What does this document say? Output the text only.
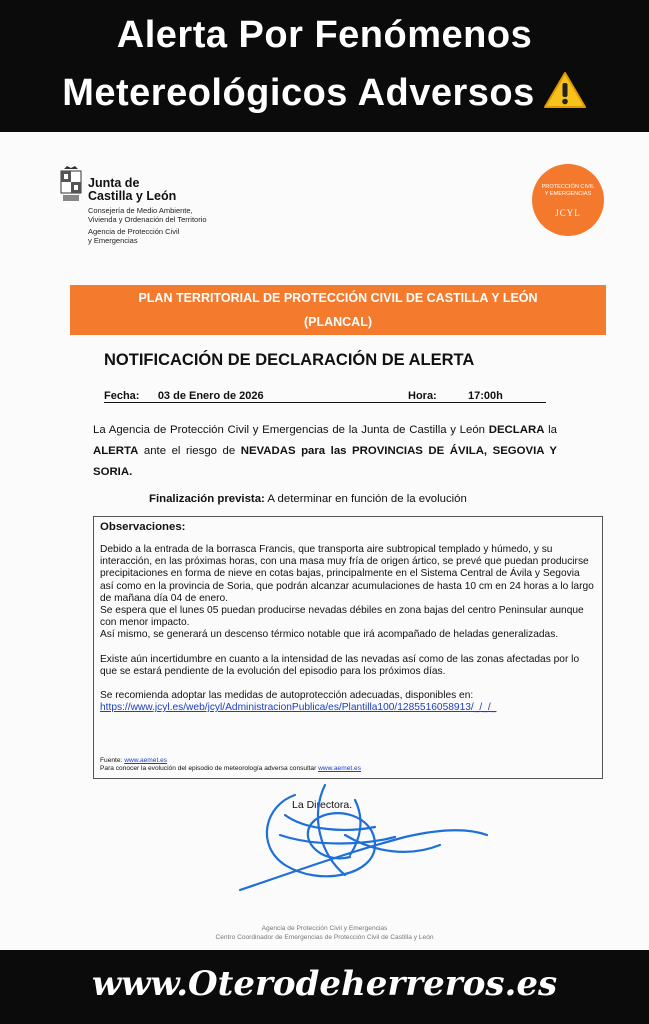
Alerta Por Fenómenos
Metereológicos Adversos
Junta de
Castilla y León
Consejería de Medio Ambiente,
Vivienda y Ordenación del Territorio
Agencia de Protección Civil
y Emergencias
PROTECCIÓN CIVIL
Y EMERGENCIAS
JCYL
PLAN TERRITORIAL DE PROTECCIÓN CIVIL DE CASTILLA Y LEÓN
(PLANCAL)
NOTIFICACIÓN DE DECLARACIÓN DE ALERTA
Fecha: 03 de Enero de 2026	Hora:	17:00h
La Agencia de Protección Civil y Emergencias de la Junta de Castilla y León DECLARA la ALERTA ante el riesgo de NEVADAS para las PROVINCIAS DE ÁVILA, SEGOVIA Y SORIA.
Finalización prevista: A determinar en función de la evolución
Observaciones:

Debido a la entrada de la borrasca Francis, que transporta aire subtropical templado y húmedo, y su interacción, en las próximas horas, con una masa muy fría de origen ártico, se prevé que puedan producirse precipitaciones en forma de nieve en cotas bajas, principalmente en el Sistema Central de Ávila y Segovia así como en la provincia de Soria, que podrán alcanzar acumulaciones de hasta 10 cm en 24 horas a lo largo de mañana día 04 de enero.

Se espera que el lunes 05 puedan producirse nevadas débiles en zona bajas del centro Peninsular aunque con menor impacto.

Así mismo, se generará un descenso térmico notable que irá acompañado de heladas generalizadas.

Existe aún incertidumbre en cuanto a la intensidad de las nevadas así como de las zonas afectadas por lo que se estará pendiente de la evolución del episodio para los próximos días.

Se recomienda adoptar las medidas de autoprotección adecuadas, disponibles en:

https://www.jcyl.es/web/jcyl/AdministracionPublica/es/Plantilla100/1285516058913/_/_/_

Fuente: www.aemet.es
Para conocer la evolución del episodio de meteorología adversa consultar www.aemet.es
La Directora.
Agencia de Protección Civil y Emergencias
Centro Coordinador de Emergencias de Protección Civil de Castilla y León
www.Oterodeherreros.es
